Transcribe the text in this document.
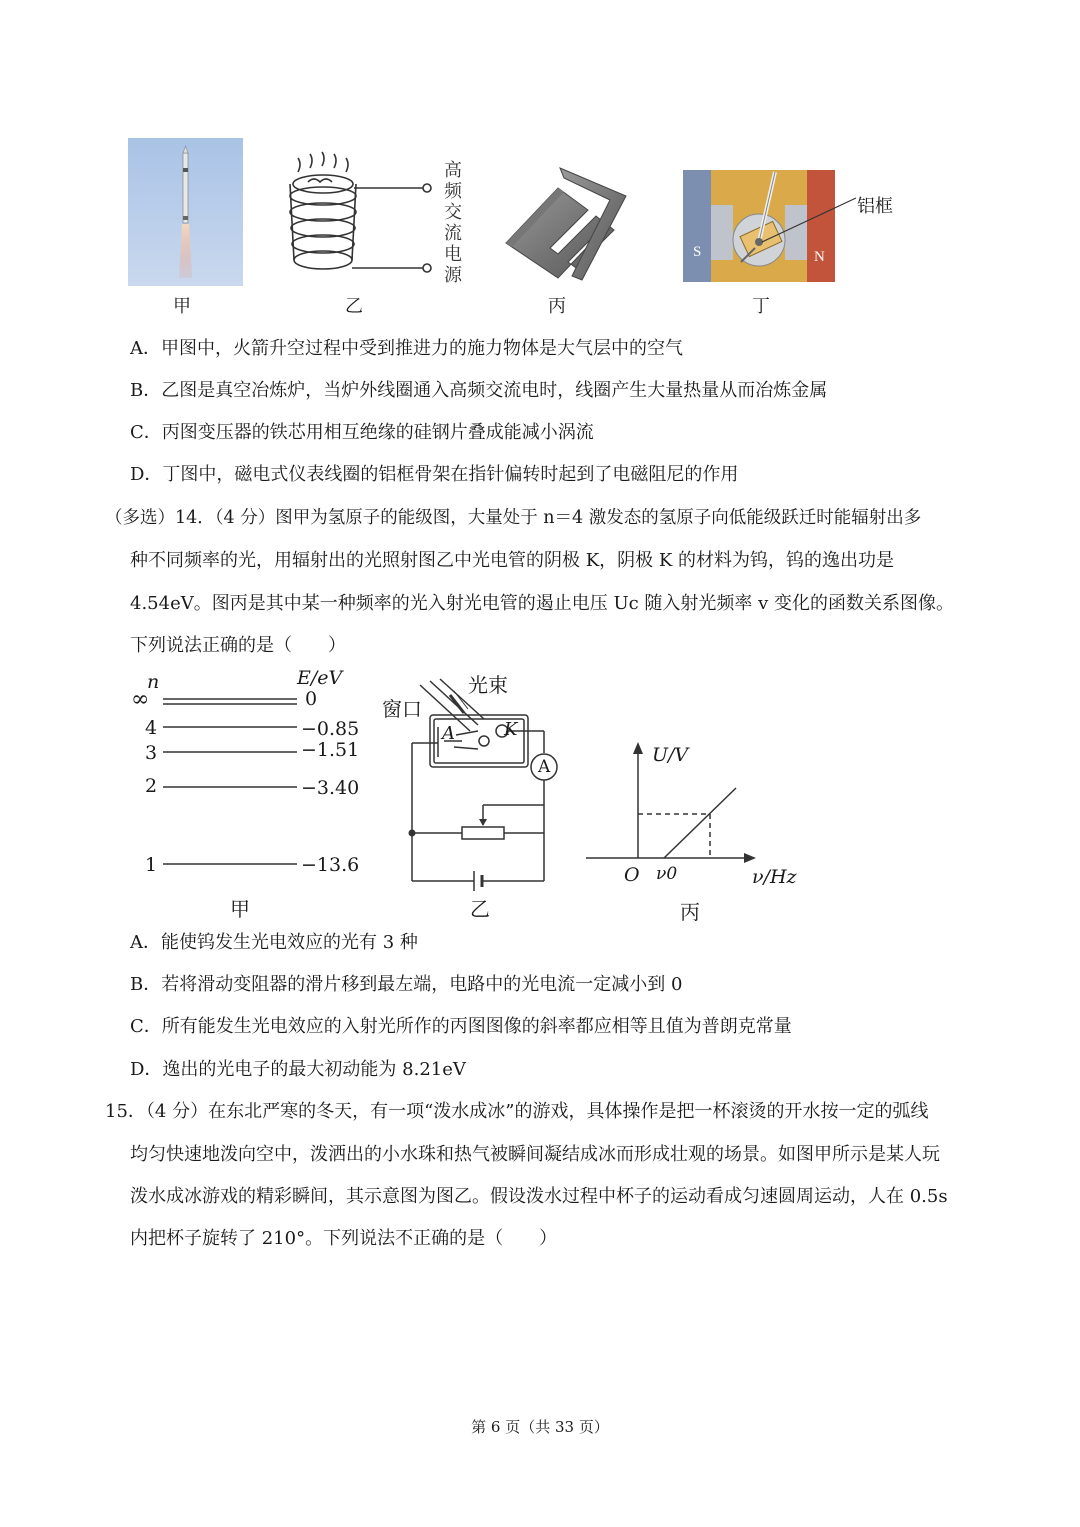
高
频
交
流
电
源
S	N
铝框
甲	乙	丙	丁
A．甲图中，火箭升空过程中受到推进力的施力物体是大气层中的空气
B．乙图是真空冶炼炉，当炉外线圈通入高频交流电时，线圈产生大量热量从而冶炼金属
C．丙图变压器的铁芯用相互绝缘的硅钢片叠成能减小涡流
D．丁图中，磁电式仪表线圈的铝框骨架在指针偏转时起到了电磁阻尼的作用
（多选）14．（4 分）图甲为氢原子的能级图，大量处于 n＝4 激发态的氢原子向低能级跃迁时能辐射出多
种不同频率的光，用辐射出的光照射图乙中光电管的阴极 K，阴极 K 的材料为钨，钨的逸出功是
4.54eV。图丙是其中某一种频率的光入射光电管的遏止电压 Uc 随入射光频率 v 变化的函数关系图像。
下列说法正确的是（　　）
n	E/eV
∞	0
4	−0.85
3	−1.51
2	−3.40
1	−13.6
甲
光束
窗口
A	K
A
乙
U/V
ν/Hz
O ν0
丙
A．能使钨发生光电效应的光有 3 种
B．若将滑动变阻器的滑片移到最左端，电路中的光电流一定减小到 0
C．所有能发生光电效应的入射光所作的丙图图像的斜率都应相等且值为普朗克常量
D．逸出的光电子的最大初动能为 8.21eV
15．（4 分）在东北严寒的冬天，有一项“泼水成冰”的游戏，具体操作是把一杯滚烫的开水按一定的弧线
均匀快速地泼向空中，泼洒出的小水珠和热气被瞬间凝结成冰而形成壮观的场景。如图甲所示是某人玩
泼水成冰游戏的精彩瞬间，其示意图为图乙。假设泼水过程中杯子的运动看成匀速圆周运动，人在 0.5s
内把杯子旋转了 210°。下列说法不正确的是（　　）
第 6 页（共 33 页）
